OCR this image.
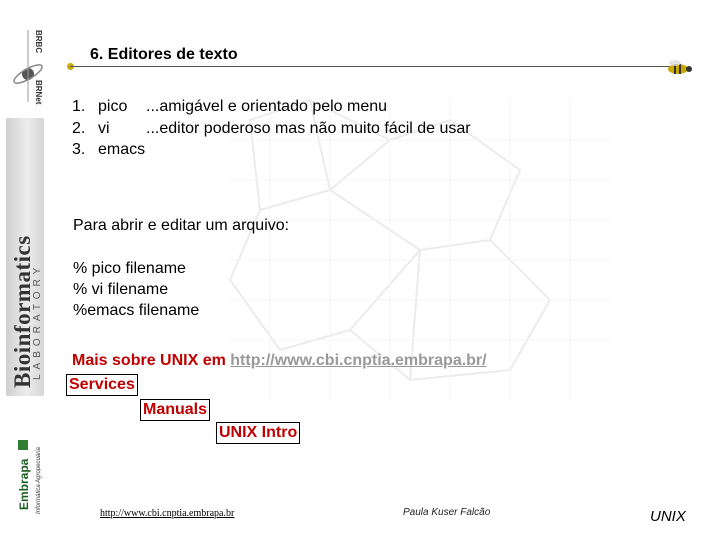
BRBC
BRNet
Bioinformatics
LABORATORY
Embrapa Informática Agropecuária
6. Editores de texto
1. pico	...amigável e orientado pelo menu
2. vi	...editor poderoso mas não muito fácil de usar
3. emacs
Para abrir e editar um arquivo:
% pico filename
% vi filename
%emacs filename
Mais sobre UNIX em http://www.cbi.cnptia.embrapa.br/
Services
Manuals
UNIX Intro
http://www.cbi.cnptia.embrapa.br	Paula Kuser Falcão	UNIX
